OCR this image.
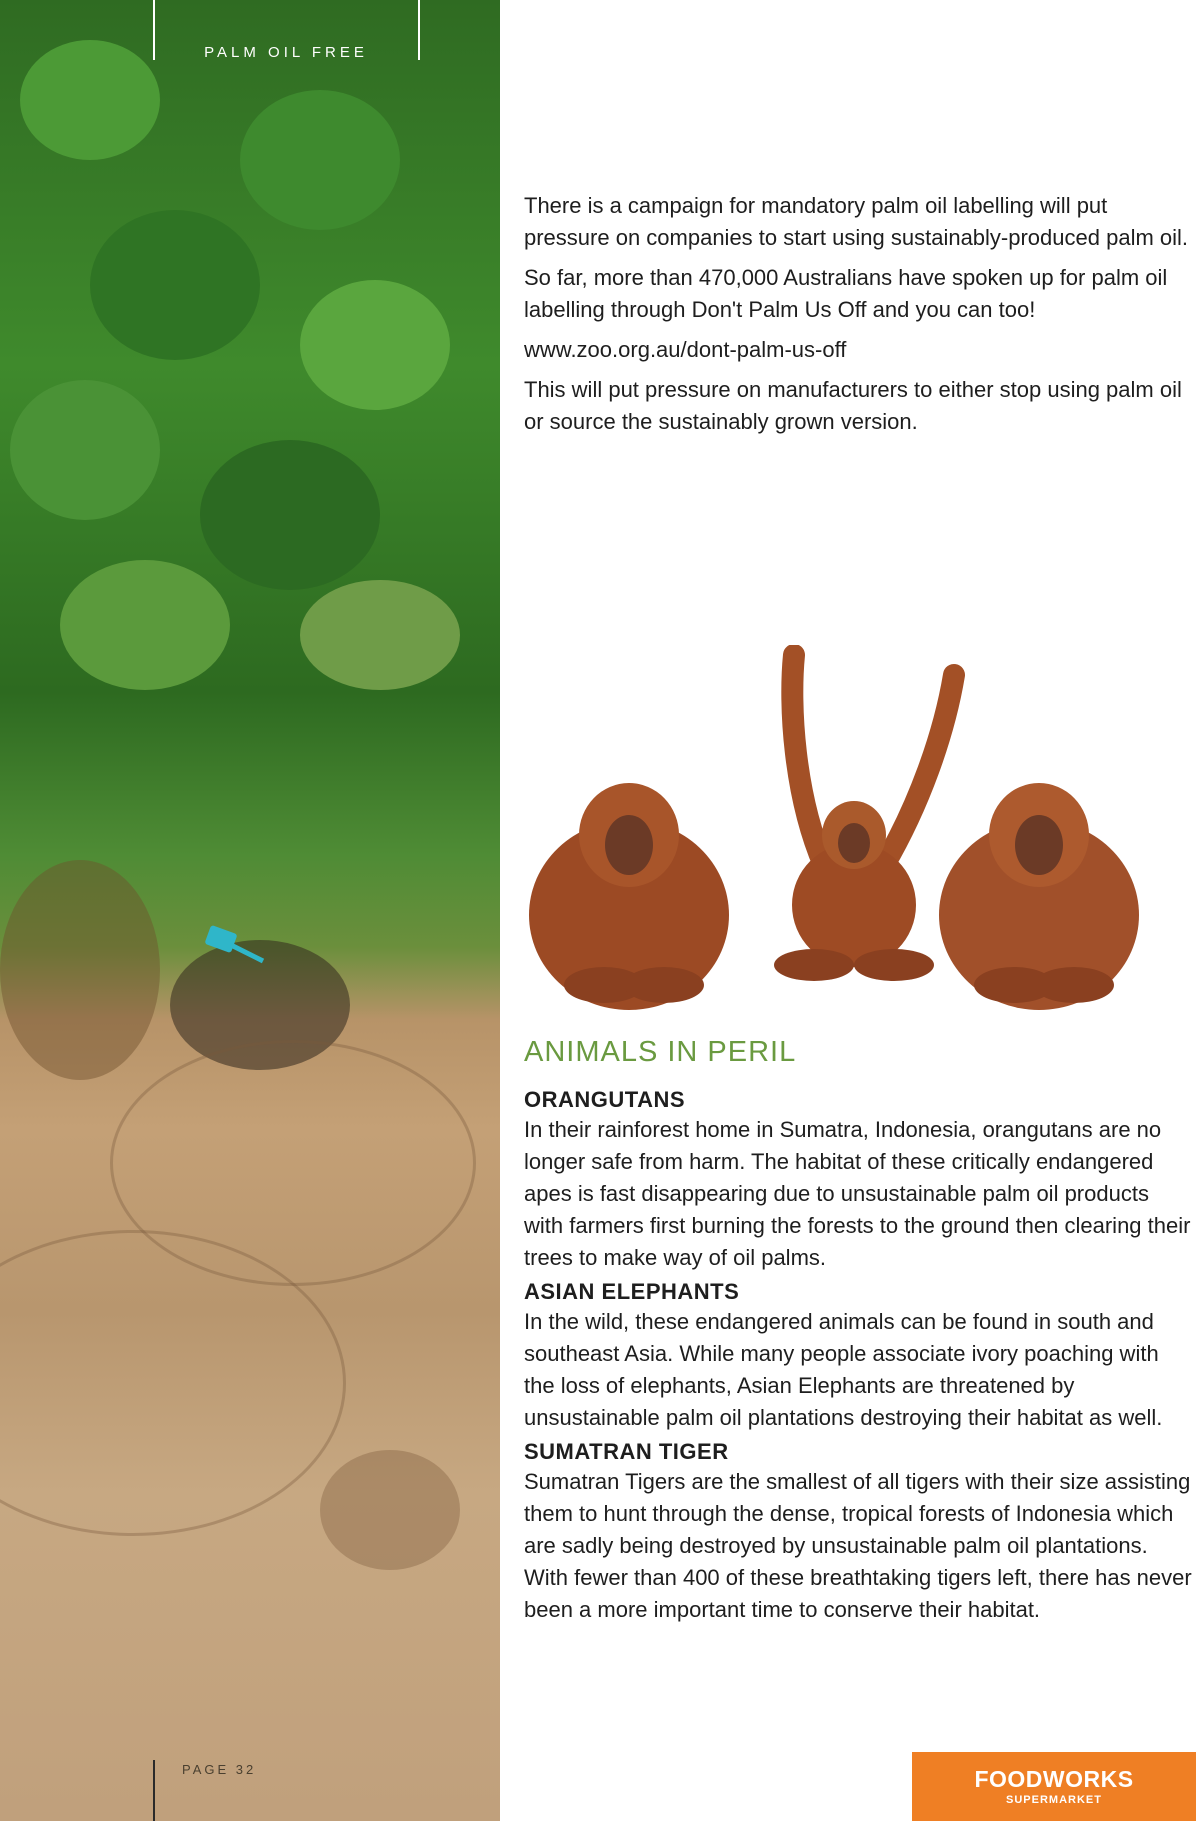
PALM OIL FREE

There is a campaign for mandatory palm oil labelling will put pressure on companies to start using sustainably-produced palm oil.

So far, more than 470,000 Australians have spoken up for palm oil labelling through Don't Palm Us Off and you can too!

www.zoo.org.au/dont-palm-us-off

This will put pressure on manufacturers to either stop using palm oil or source the sustainably grown version.

ANIMALS IN PERIL
ORANGUTANS
In their rainforest home in Sumatra, Indonesia, orangutans are no longer safe from harm. The habitat of these critically endangered apes is fast disappearing due to unsustainable palm oil products with farmers first burning the forests to the ground then clearing their trees to make way of oil palms.
ASIAN ELEPHANTS
In the wild, these endangered animals can be found in south and southeast Asia. While many people associate ivory poaching with the loss of elephants, Asian Elephants are threatened by unsustainable palm oil plantations destroying their habitat as well.
SUMATRAN TIGER
Sumatran Tigers are the smallest of all tigers with their size assisting them to hunt through the dense, tropical forests of Indonesia which are sadly being destroyed by unsustainable palm oil plantations. With fewer than 400 of these breathtaking tigers left, there has never been a more important time to conserve their habitat.
PAGE 32	FOODWORKS
SUPERMARKET
